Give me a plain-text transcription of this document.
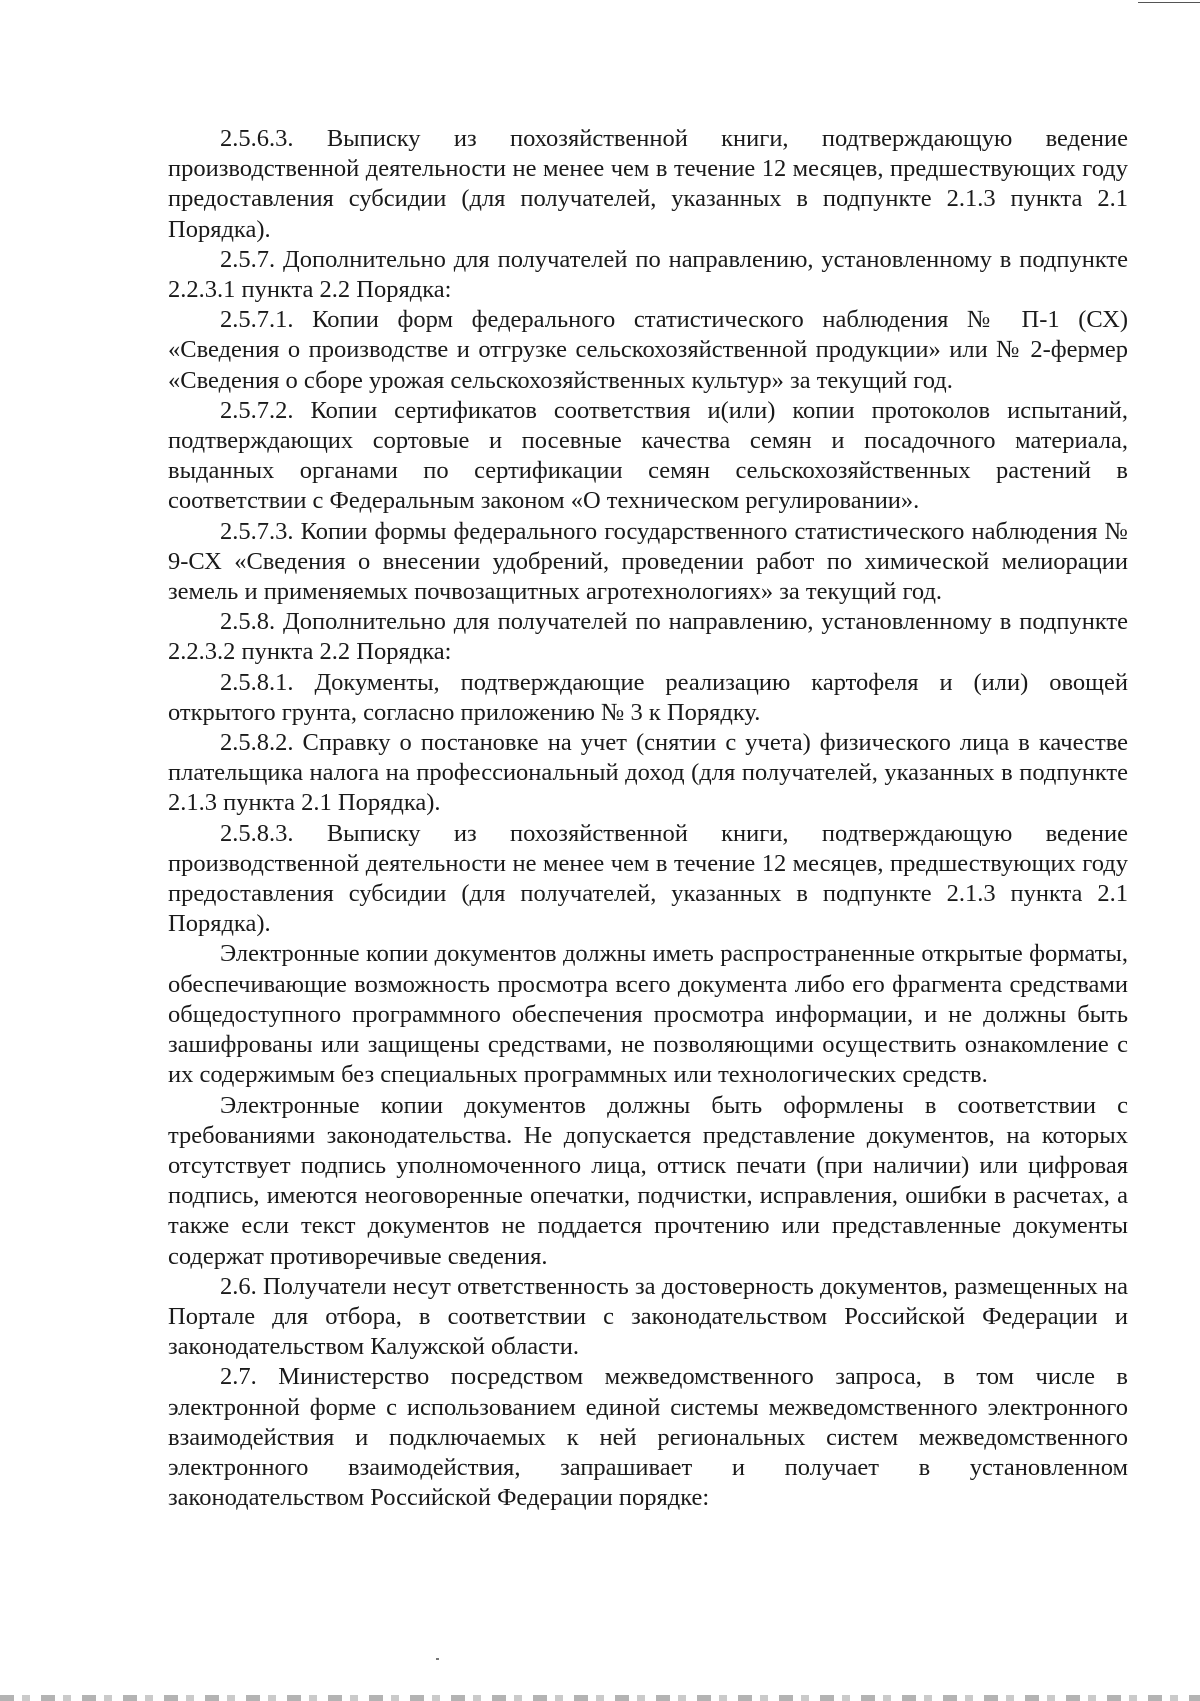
2.5.6.3. Выписку из похозяйственной книги, подтверждающую ведение производственной деятельности не менее чем в течение 12 месяцев, предшествующих году предоставления субсидии (для получателей, указанных в подпункте 2.1.3 пункта 2.1 Порядка).

2.5.7. Дополнительно для получателей по направлению, установленному в подпункте 2.2.3.1 пункта 2.2 Порядка:

2.5.7.1. Копии форм федерального статистического наблюдения № П-1 (СХ) «Сведения о производстве и отгрузке сельскохозяйственной продукции» или № 2-фермер «Сведения о сборе урожая сельскохозяйственных культур» за текущий год.

2.5.7.2. Копии сертификатов соответствия и(или) копии протоколов испытаний, подтверждающих сортовые и посевные качества семян и посадочного материала, выданных органами по сертификации семян сельскохозяйственных растений в соответствии с Федеральным законом «О техническом регулировании».

2.5.7.3. Копии формы федерального государственного статистического наблюдения № 9-СХ «Сведения о внесении удобрений, проведении работ по химической мелиорации земель и применяемых почвозащитных агротехнологиях» за текущий год.

2.5.8. Дополнительно для получателей по направлению, установленному в подпункте 2.2.3.2 пункта 2.2 Порядка:

2.5.8.1. Документы, подтверждающие реализацию картофеля и (или) овощей открытого грунта, согласно приложению № 3 к Порядку.

2.5.8.2. Справку о постановке на учет (снятии с учета) физического лица в качестве плательщика налога на профессиональный доход (для получателей, указанных в подпункте 2.1.3 пункта 2.1 Порядка).

2.5.8.3. Выписку из похозяйственной книги, подтверждающую ведение производственной деятельности не менее чем в течение 12 месяцев, предшествующих году предоставления субсидии (для получателей, указанных в подпункте 2.1.3 пункта 2.1 Порядка).

Электронные копии документов должны иметь распространенные открытые форматы, обеспечивающие возможность просмотра всего документа либо его фрагмента средствами общедоступного программного обеспечения просмотра информации, и не должны быть зашифрованы или защищены средствами, не позволяющими осуществить ознакомление с их содержимым без специальных программных или технологических средств.

Электронные копии документов должны быть оформлены в соответствии с требованиями законодательства. Не допускается представление документов, на которых отсутствует подпись уполномоченного лица, оттиск печати (при наличии) или цифровая подпись, имеются неоговоренные опечатки, подчистки, исправления, ошибки в расчетах, а также если текст документов не поддается прочтению или представленные документы содержат противоречивые сведения.

2.6. Получатели несут ответственность за достоверность документов, размещенных на Портале для отбора, в соответствии с законодательством Российской Федерации и законодательством Калужской области.

2.7. Министерство посредством межведомственного запроса, в том числе в электронной форме с использованием единой системы межведомственного электронного взаимодействия и подключаемых к ней региональных систем межведомственного электронного взаимодействия, запрашивает и получает в установленном законодательством Российской Федерации порядке:
